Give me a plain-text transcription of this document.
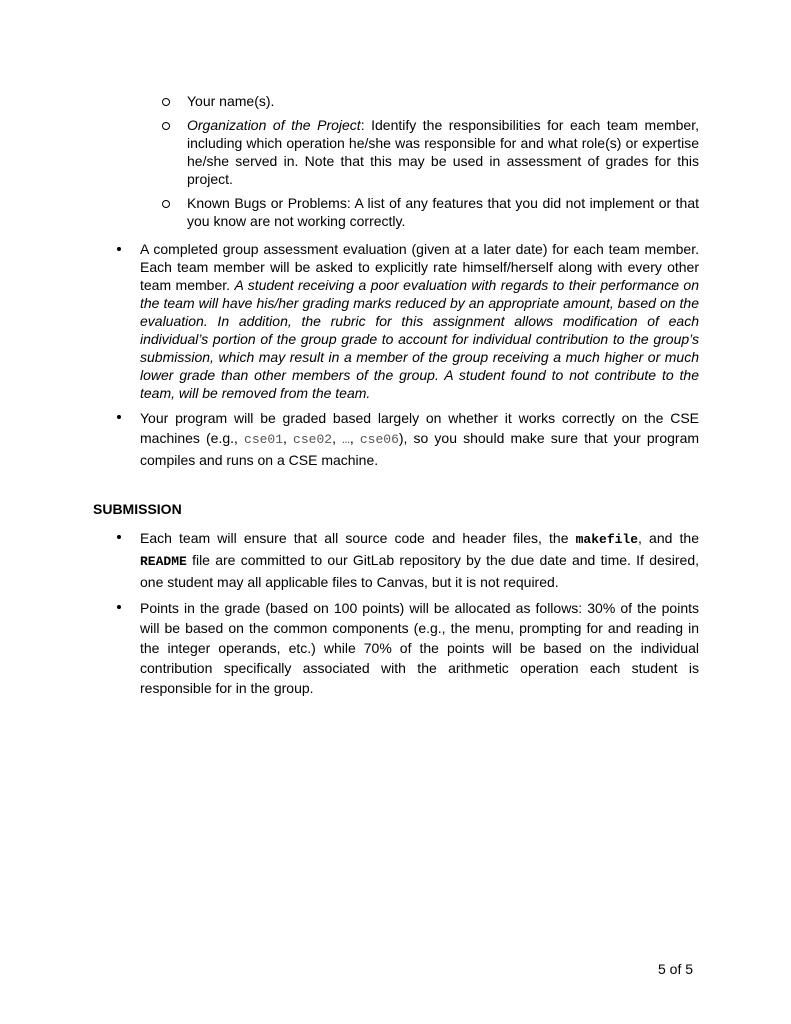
Your name(s).
Organization of the Project: Identify the responsibilities for each team member, including which operation he/she was responsible for and what role(s) or expertise he/she served in. Note that this may be used in assessment of grades for this project.
Known Bugs or Problems: A list of any features that you did not implement or that you know are not working correctly.
A completed group assessment evaluation (given at a later date) for each team member. Each team member will be asked to explicitly rate himself/herself along with every other team member. A student receiving a poor evaluation with regards to their performance on the team will have his/her grading marks reduced by an appropriate amount, based on the evaluation. In addition, the rubric for this assignment allows modification of each individual’s portion of the group grade to account for individual contribution to the group’s submission, which may result in a member of the group receiving a much higher or much lower grade than other members of the group. A student found to not contribute to the team, will be removed from the team.
Your program will be graded based largely on whether it works correctly on the CSE machines (e.g., cse01, cse02, …, cse06), so you should make sure that your program compiles and runs on a CSE machine.
SUBMISSION
Each team will ensure that all source code and header files, the makefile, and the README file are committed to our GitLab repository by the due date and time. If desired, one student may all applicable files to Canvas, but it is not required.
Points in the grade (based on 100 points) will be allocated as follows: 30% of the points will be based on the common components (e.g., the menu, prompting for and reading in the integer operands, etc.) while 70% of the points will be based on the individual contribution specifically associated with the arithmetic operation each student is responsible for in the group.
5 of 5
